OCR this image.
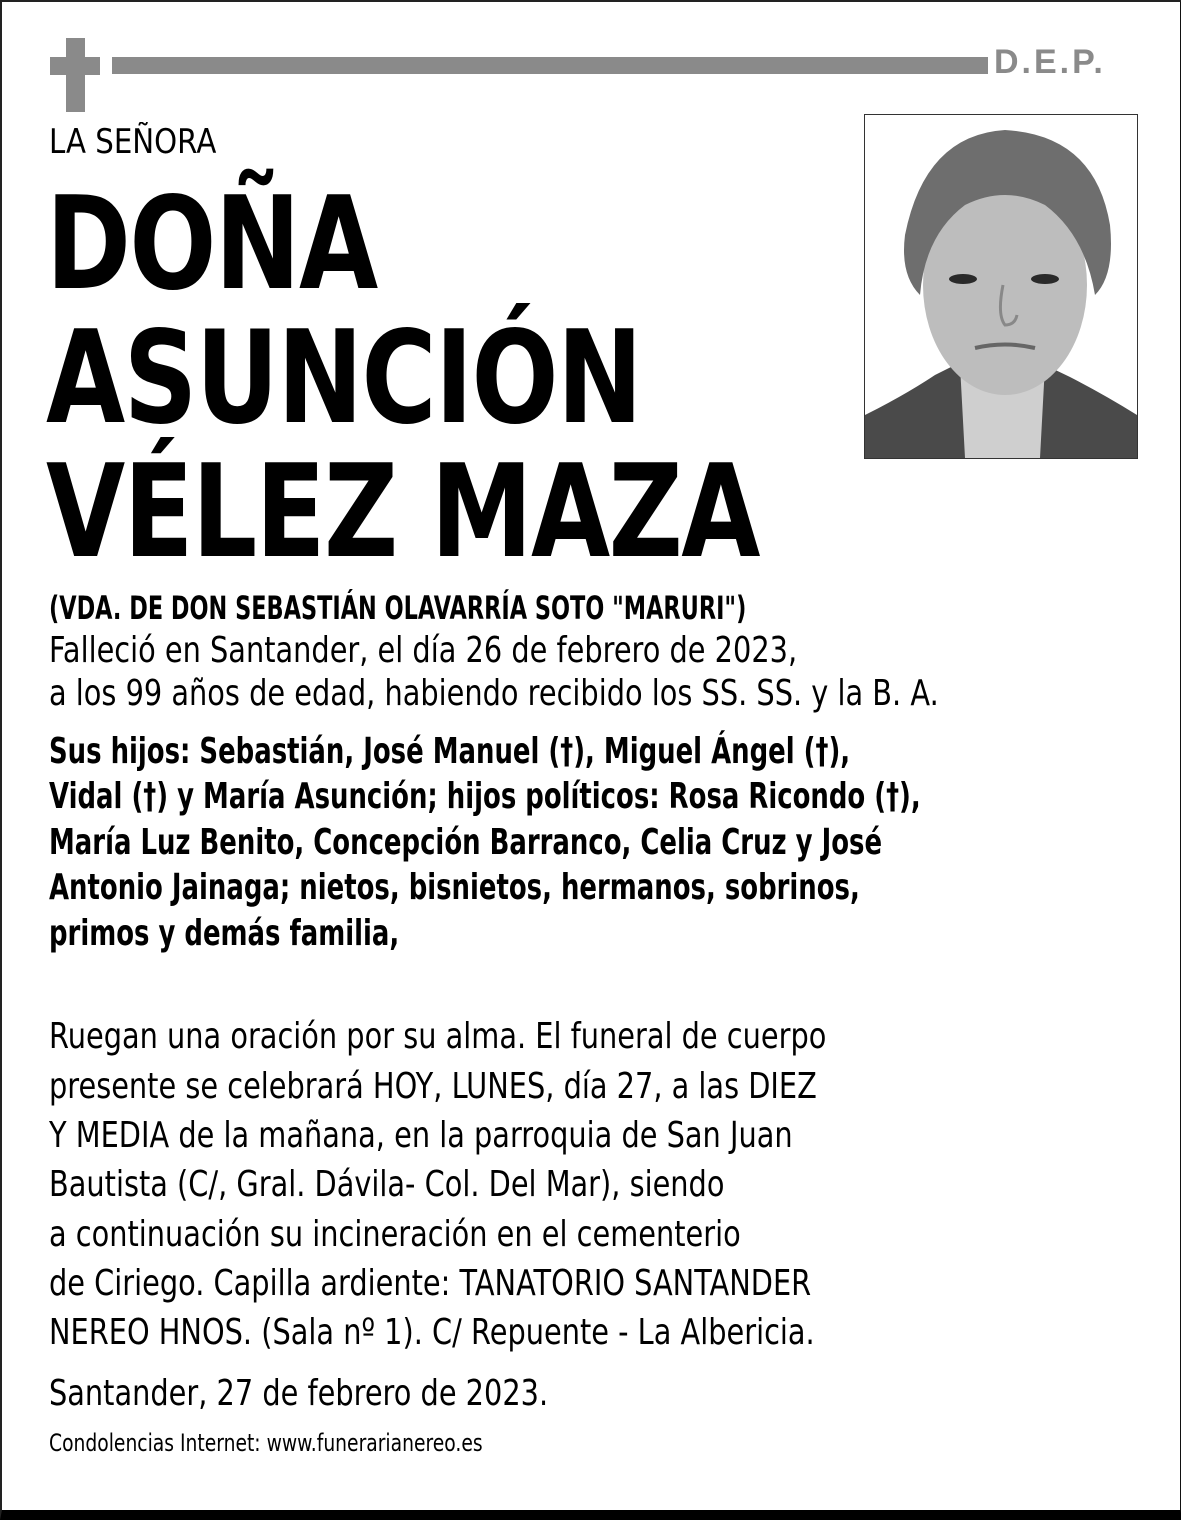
D.E.P.
LA SEÑORA
DOÑA
ASUNCIÓN
VÉLEZ MAZA
(VDA. DE DON SEBASTIÁN OLAVARRÍA SOTO "MARURI")
Falleció en Santander, el día 26 de febrero de 2023,
a los 99 años de edad, habiendo recibido los SS. SS. y la B. A.
Sus hijos: Sebastián, José Manuel (†), Miguel Ángel (†),
Vidal (†) y María Asunción; hijos políticos: Rosa Ricondo (†),
María Luz Benito, Concepción Barranco, Celia Cruz y José
Antonio Jainaga; nietos, bisnietos, hermanos, sobrinos,
primos y demás familia,
Ruegan una oración por su alma. El funeral de cuerpo
presente se celebrará HOY, LUNES, día 27, a las DIEZ
Y MEDIA de la mañana, en la parroquia de San Juan
Bautista (C/, Gral. Dávila- Col. Del Mar), siendo
a continuación su incineración en el cementerio
de Ciriego. Capilla ardiente: TANATORIO SANTANDER
NEREO HNOS. (Sala nº 1). C/ Repuente - La Albericia.
Santander, 27 de febrero de 2023.
Condolencias Internet: www.funerarianereo.es
